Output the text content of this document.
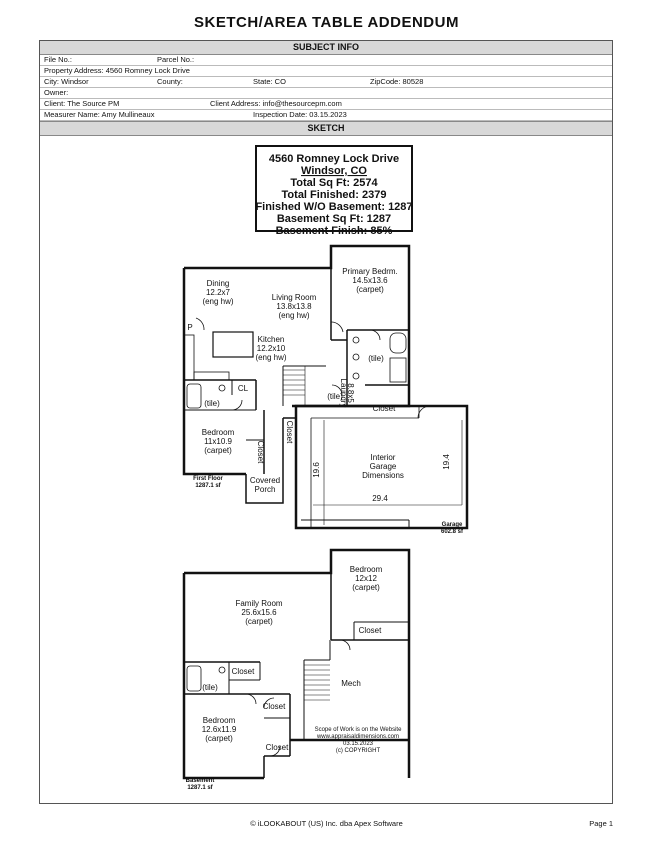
SKETCH/AREA TABLE ADDENDUM
SUBJECT INFO
File No.:	Parcel No.:
Property Address: 4560 Romney Lock Drive
City: Windsor	County:	State: CO	ZipCode: 80528
Owner:
Client: The Source PM	Client Address: info@thesourcepm.com
Measurer Name: Amy Mullineaux	Inspection Date: 03.15.2023
SKETCH
4560 Romney Lock Drive
Windsor, CO
Total Sq Ft: 2574
Total Finished: 2379
Finished W/O Basement: 1287
Basement Sq Ft: 1287
Basement Finish: 85%
Dining
12.2x7
(eng hw)	Living Room
13.8x13.8
(eng hw)
Primary Bedrm.
14.5x13.6
(carpet)
Kitchen
12.2x10
(eng hw)
Bedroom
11x10.9
(carpet)
Covered
Porch
Interior
Garage
Dimensions
29.4
(tile)
(tile)
(tile)
Closet
P
CL
First Floor
1287.1 sf
Garage
602.8 sf
19.6
19.4
Laundry
8.8x5
Closet
Closet
Family Room
25.6x15.6
(carpet)
Bedroom
12x12
(carpet)
Bedroom
12.6x11.9
(carpet)
Mech
Closet
Closet
Closet
Closet
(tile)
Scope of Work is on the Website
www.appraisaldimensions.com
03.15.2023
(c) COPYRIGHT
Basement
1287.1 sf
© iLOOKABOUT (US) Inc. dba Apex Software	Page 1
